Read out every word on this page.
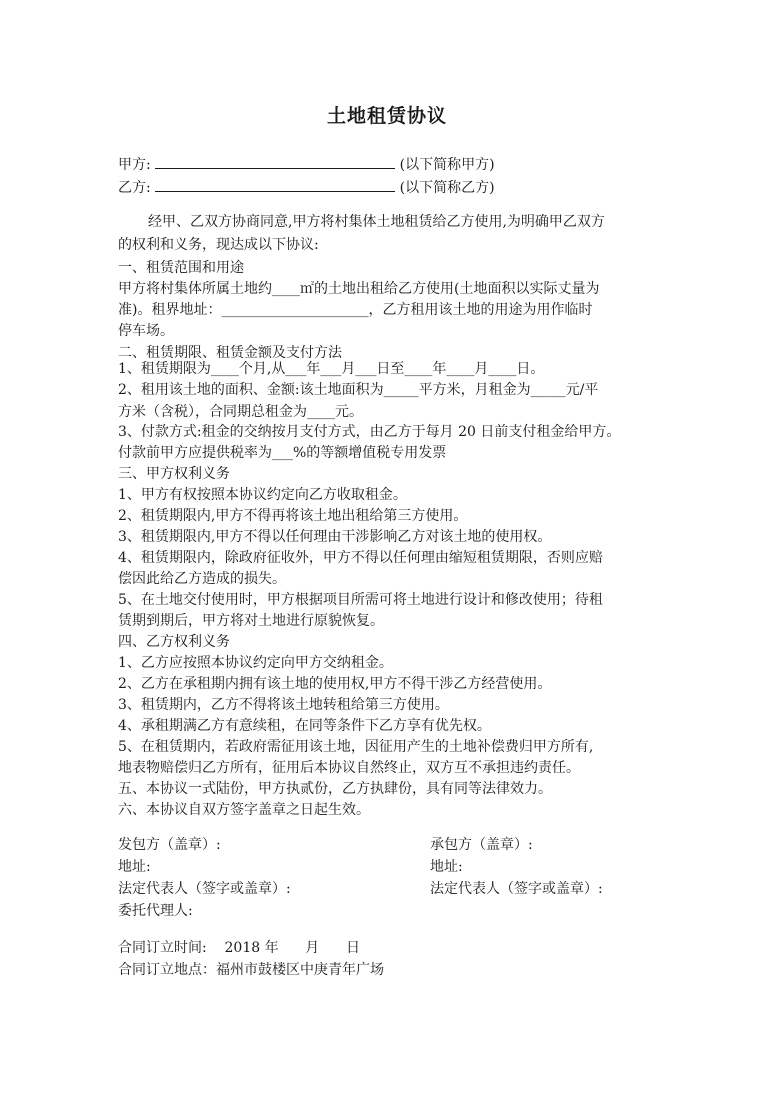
土地租赁协议
甲方:	(以下简称甲方)
乙方:	(以下简称乙方)
经甲、乙双方协商同意,甲方将村集体土地租赁给乙方使用,为明确甲乙双方
的权利和义务，现达成以下协议:
一、租赁范围和用途
甲方将村集体所属土地约____㎡的土地出租给乙方使用(土地面积以实际丈量为
准)。租界地址：_____________________，乙方租用该土地的用途为用作临时
停车场。
二、租赁期限、租赁金额及支付方法
1、租赁期限为____个月,从___年___月___日至____年____月____日。
2、租用该土地的面积、金额:该土地面积为_____平方米，月租金为_____元/平
方米（含税），合同期总租金为____元。
3、付款方式:租金的交纳按月支付方式，由乙方于每月 20 日前支付租金给甲方。
付款前甲方应提供税率为___%的等额增值税专用发票
三、甲方权利义务
1、甲方有权按照本协议约定向乙方收取租金。
2、租赁期限内,甲方不得再将该土地出租给第三方使用。
3、租赁期限内,甲方不得以任何理由干涉影响乙方对该土地的使用权。
4、租赁期限内，除政府征收外，甲方不得以任何理由缩短租赁期限，否则应赔
偿因此给乙方造成的损失。
5、在土地交付使用时，甲方根据项目所需可将土地进行设计和修改使用；待租
赁期到期后，甲方将对土地进行原貌恢复。
四、乙方权利义务
1、乙方应按照本协议约定向甲方交纳租金。
2、乙方在承租期内拥有该土地的使用权,甲方不得干涉乙方经营使用。
3、租赁期内，乙方不得将该土地转租给第三方使用。
4、承租期满乙方有意续租，在同等条件下乙方享有优先权。
5、在租赁期内，若政府需征用该土地，因征用产生的土地补偿费归甲方所有,
地表物赔偿归乙方所有，征用后本协议自然终止，双方互不承担违约责任。
五、本协议一式陆份，甲方执贰份，乙方执肆份，具有同等法律效力。
六、本协议自双方签字盖章之日起生效。
发包方（盖章）:
地址:
法定代表人（签字或盖章）:
委托代理人:
承包方（盖章）:
地址:
法定代表人（签字或盖章）:
合同订立时间:    2018 年      月      日
合同订立地点：福州市鼓楼区中庚青年广场
